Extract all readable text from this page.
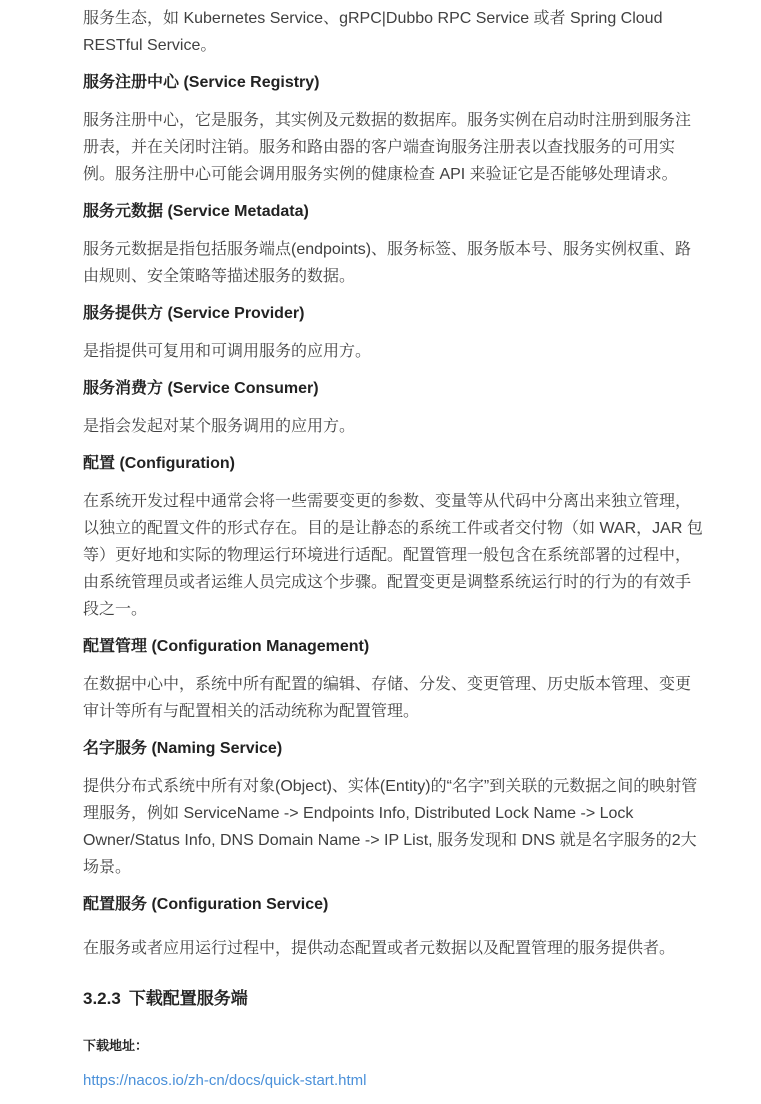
服务生态，如 Kubernetes Service、gRPC|Dubbo RPC Service 或者 Spring Cloud RESTful Service。

服务注册中心 (Service Registry)

服务注册中心，它是服务，其实例及元数据的数据库。服务实例在启动时注册到服务注册表，并在关闭时注销。服务和路由器的客户端查询服务注册表以查找服务的可用实例。服务注册中心可能会调用服务实例的健康检查 API 来验证它是否能够处理请求。

服务元数据 (Service Metadata)

服务元数据是指包括服务端点(endpoints)、服务标签、服务版本号、服务实例权重、路由规则、安全策略等描述服务的数据。

服务提供方 (Service Provider)

是指提供可复用和可调用服务的应用方。

服务消费方 (Service Consumer)

是指会发起对某个服务调用的应用方。

配置 (Configuration)

在系统开发过程中通常会将一些需要变更的参数、变量等从代码中分离出来独立管理，以独立的配置文件的形式存在。目的是让静态的系统工件或者交付物（如 WAR，JAR 包等）更好地和实际的物理运行环境进行适配。配置管理一般包含在系统部署的过程中，由系统管理员或者运维人员完成这个步骤。配置变更是调整系统运行时的行为的有效手段之一。

配置管理 (Configuration Management)

在数据中心中，系统中所有配置的编辑、存储、分发、变更管理、历史版本管理、变更审计等所有与配置相关的活动统称为配置管理。

名字服务 (Naming Service)

提供分布式系统中所有对象(Object)、实体(Entity)的“名字”到关联的元数据之间的映射管理服务，例如 ServiceName -> Endpoints Info, Distributed Lock Name -> Lock Owner/Status Info, DNS Domain Name -> IP List, 服务发现和 DNS 就是名字服务的2大场景。

配置服务 (Configuration Service)

在服务或者应用运行过程中，提供动态配置或者元数据以及配置管理的服务提供者。

3.2.3 下载配置服务端
下载地址：
https://nacos.io/zh-cn/docs/quick-start.html
